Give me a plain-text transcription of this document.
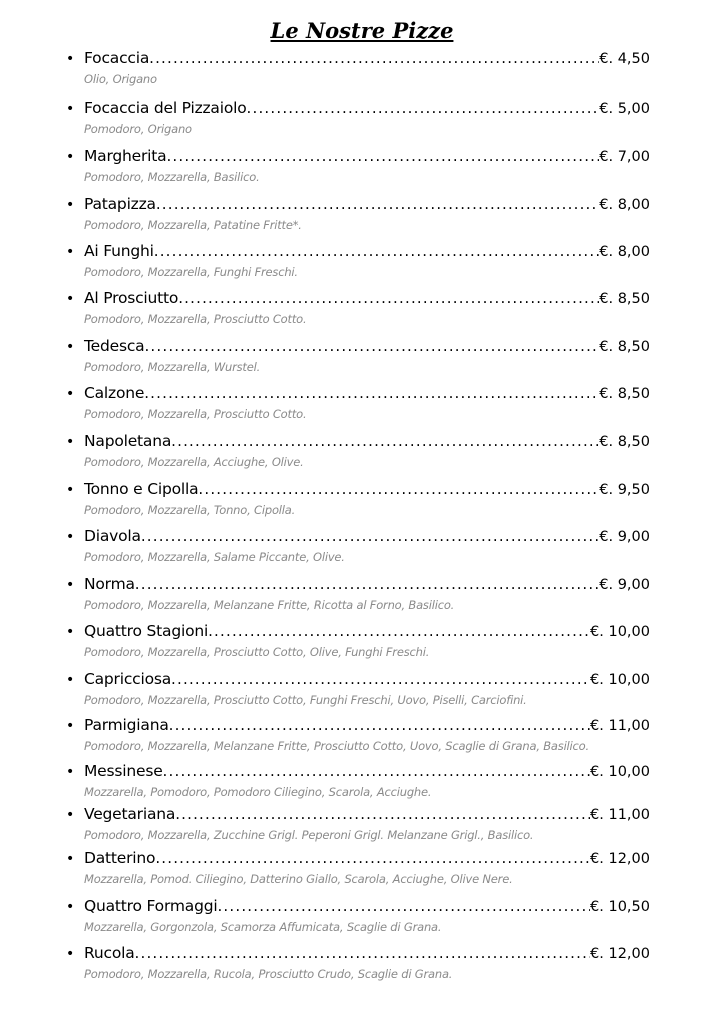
Le Nostre Pizze
• Focaccia .....	€. 4,50
Olio, Origano
• Focaccia del Pizzaiolo .....	€. 5,00
Pomodoro, Origano
• Margherita .....	€. 7,00
Pomodoro, Mozzarella, Basilico.
• Patapizza .....	€. 8,00
Pomodoro, Mozzarella, Patatine Fritte*.
• Ai Funghi .....	€. 8,00
Pomodoro, Mozzarella, Funghi Freschi.
• Al Prosciutto .....	€. 8,50
Pomodoro, Mozzarella, Prosciutto Cotto.
• Tedesca .....	€. 8,50
Pomodoro, Mozzarella, Wurstel.
• Calzone .....	€. 8,50
Pomodoro, Mozzarella, Prosciutto Cotto.
• Napoletana .....	€. 8,50
Pomodoro, Mozzarella, Acciughe, Olive.
• Tonno e Cipolla .....	€. 9,50
Pomodoro, Mozzarella, Tonno, Cipolla.
• Diavola .....	€. 9,00
Pomodoro, Mozzarella, Salame Piccante, Olive.
• Norma .....	€. 9,00
Pomodoro, Mozzarella, Melanzane Fritte, Ricotta al Forno, Basilico.
• Quattro Stagioni .....	€. 10,00
Pomodoro, Mozzarella, Prosciutto Cotto, Olive, Funghi Freschi.
• Capricciosa .....	€. 10,00
Pomodoro, Mozzarella, Prosciutto Cotto, Funghi Freschi, Uovo, Piselli, Carciofini.
• Parmigiana .....	€. 11,00
Pomodoro, Mozzarella, Melanzane Fritte, Prosciutto Cotto, Uovo, Scaglie di Grana, Basilico.
• Messinese .....	€. 10,00
Mozzarella, Pomodoro, Pomodoro Ciliegino, Scarola, Acciughe.
• Vegetariana .....	€. 11,00
Pomodoro, Mozzarella, Zucchine Grigl. Peperoni Grigl. Melanzane Grigl., Basilico.
• Datterino .....	€. 12,00
Mozzarella, Pomod. Ciliegino, Datterino Giallo, Scarola, Acciughe, Olive Nere.
• Quattro Formaggi .....	€. 10,50
Mozzarella, Gorgonzola, Scamorza Affumicata, Scaglie di Grana.
• Rucola .....	€. 12,00
Pomodoro, Mozzarella, Rucola, Prosciutto Crudo, Scaglie di Grana.
